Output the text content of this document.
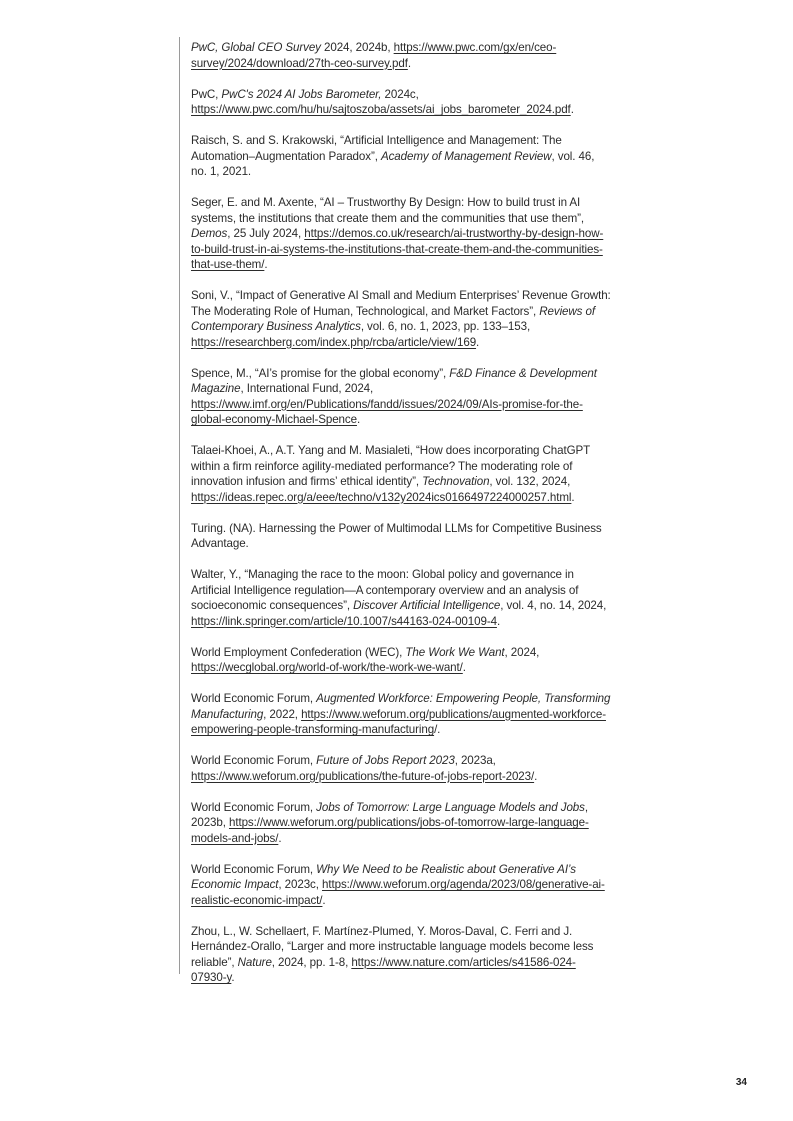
PwC, Global CEO Survey 2024, 2024b, https://www.pwc.com/gx/en/ceo-survey/2024/download/27th-ceo-survey.pdf.

PwC, PwC's 2024 AI Jobs Barometer, 2024c, https://www.pwc.com/hu/hu/sajtoszoba/assets/ai_jobs_barometer_2024.pdf.

Raisch, S. and S. Krakowski, “Artificial Intelligence and Management: The Automation–Augmentation Paradox”, Academy of Management Review, vol. 46, no. 1, 2021.

Seger, E. and M. Axente, “AI – Trustworthy By Design: How to build trust in AI systems, the institutions that create them and the communities that use them”, Demos, 25 July 2024, https://demos.co.uk/research/ai-trustworthy-by-design-how-to-build-trust-in-ai-systems-the-institutions-that-create-them-and-the-communities-that-use-them/.

Soni, V., “Impact of Generative AI Small and Medium Enterprises’ Revenue Growth: The Moderating Role of Human, Technological, and Market Factors”, Reviews of Contemporary Business Analytics, vol. 6, no. 1, 2023, pp. 133–153, https://researchberg.com/index.php/rcba/article/view/169.

Spence, M., “AI’s promise for the global economy”, F&D Finance & Development Magazine, International Fund, 2024, https://www.imf.org/en/Publications/fandd/issues/2024/09/AIs-promise-for-the-global-economy-Michael-Spence.

Talaei-Khoei, A., A.T. Yang and M. Masialeti, “How does incorporating ChatGPT within a firm reinforce agility-mediated performance? The moderating role of innovation infusion and firms’ ethical identity”, Technovation, vol. 132, 2024, https://ideas.repec.org/a/eee/techno/v132y2024ics0166497224000257.html.

Turing. (NA). Harnessing the Power of Multimodal LLMs for Competitive Business Advantage.

Walter, Y., “Managing the race to the moon: Global policy and governance in Artificial Intelligence regulation—A contemporary overview and an analysis of socioeconomic consequences”, Discover Artificial Intelligence, vol. 4, no. 14, 2024, https://link.springer.com/article/10.1007/s44163-024-00109-4.

World Employment Confederation (WEC), The Work We Want, 2024, https://wecglobal.org/world-of-work/the-work-we-want/.

World Economic Forum, Augmented Workforce: Empowering People, Transforming Manufacturing, 2022, https://www.weforum.org/publications/augmented-workforce-empowering-people-transforming-manufacturing/.

World Economic Forum, Future of Jobs Report 2023, 2023a, https://www.weforum.org/publications/the-future-of-jobs-report-2023/.

World Economic Forum, Jobs of Tomorrow: Large Language Models and Jobs, 2023b, https://www.weforum.org/publications/jobs-of-tomorrow-large-language-models-and-jobs/.

World Economic Forum, Why We Need to be Realistic about Generative AI’s Economic Impact, 2023c, https://www.weforum.org/agenda/2023/08/generative-ai-realistic-economic-impact/.

Zhou, L., W. Schellaert, F. Martínez-Plumed, Y. Moros-Daval, C. Ferri and J. Hernández-Orallo, “Larger and more instructable language models become less reliable”, Nature, 2024, pp. 1-8, https://www.nature.com/articles/s41586-024-07930-y.

34
